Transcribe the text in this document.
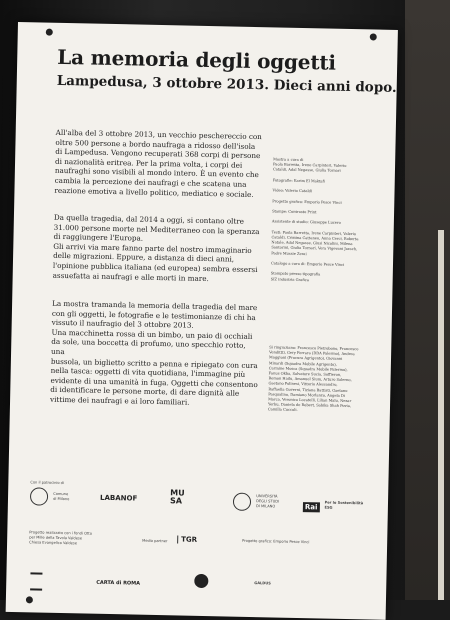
La memoria degli oggetti
Lampedusa, 3 ottobre 2013. Dieci anni dopo.
All'alba del 3 ottobre 2013, un vecchio peschereccio con
oltre 500 persone a bordo naufraga a ridosso dell'isola
di Lampedusa. Vengono recuperati 368 corpi di persone
di nazionalità eritrea. Per la prima volta, i corpi dei
naufraghi sono visibili al mondo intero. È un evento che
cambia la percezione dei naufragi e che scatena una
reazione emotiva a livello politico, mediatico e sociale.
Da quella tragedia, dal 2014 a oggi, si contano oltre
31.000 persone morte nel Mediterraneo con la speranza
di raggiungere l'Europa.
Gli arrivi via mare fanno parte del nostro immaginario
delle migrazioni. Eppure, a distanza di dieci anni,
l'opinione pubblica italiana (ed europea) sembra essersi
assuefatta ai naufragi e alle morti in mare.
La mostra tramanda la memoria della tragedia del mare
con gli oggetti, le fotografie e le testimonianze di chi ha
vissuto il naufragio del 3 ottobre 2013.
Una macchinetta rossa di un bimbo, un paio di occhiali
da sole, una boccetta di profumo, uno specchio rotto, una
bussola, un biglietto scritto a penna e ripiegato con cura
nella tasca: oggetti di vita quotidiana, l'immagine più
evidente di una umanità in fuga. Oggetti che consentono
di identificare le persone morte, di dare dignità alle
vittime dei naufragi e ai loro familiari.
Mostra a cura di
Paola Barretta, Irene Carpinteri, Valerio
Cataldi, Adal Negasse, Giulia Tornari

Fotografie: Karim El Maktafi

Video: Valerio Cataldi

Progetto grafico: Emporio Pesce Vinci

Stampe: Contrasto Print

Assistente di studio: Giuseppe Lucero

Testi: Paola Barretta, Irene Carpinteri, Valerio
Cataldi, Cristina Cattaneo, Anna Cerci, Roberta
Natale, Adal Negasse, Giusi Nicolini, Milena
Santorini, Giulia Tornari, Vera Vigevani Jarach,
Padre Mussie Zerai

Catalogo a cura di: Emporio Pesce Vinci

Stampato presso tipografia
SIZ industria Grafica
Si ringraziano: Francesco Pietrobono, Francesco
Vendittti, Gery Ferrara (DDA Palermo), Andrea
Maggioni (Procura Agrigento), Giovanni
Minardi (Squadra Mobile Agrigento),
Carmine Mosca (Squadra Mobile Palermo),
Fanus Okba, Salvatore Sucia, Soffieron,
Remon Hailu, Amanuel Sium, Arturo Salerno,
Gaetano Polinesi, Vittorio Alessandro,
Raffaella Governi, Tiziana Battisti, Gaetano
Pasqualino, Damiano Morlanzo, Angela Di
Marca, Veronica Locatelli, Lilian Malu, Nezar
Yerhu, Daniela de Robert, Sabika Shah Povia,
Camilla Cuccoli.
Con il patrocinio di
Comune
di Milano	LABANOF
MU
SA	UNIVERSITÀ
DEGLI STUDI
DI MILANO	Rai Per lo Sostenibilità
ESG
Progetto realizzato con i fondi Otto
per Mille della Tavola Valdese
Chiesa Evangelica Valdese	Media partner	TGR	Progetto grafico: Emporio Pesce Vinci
CARTA di ROMA	GALDUS
